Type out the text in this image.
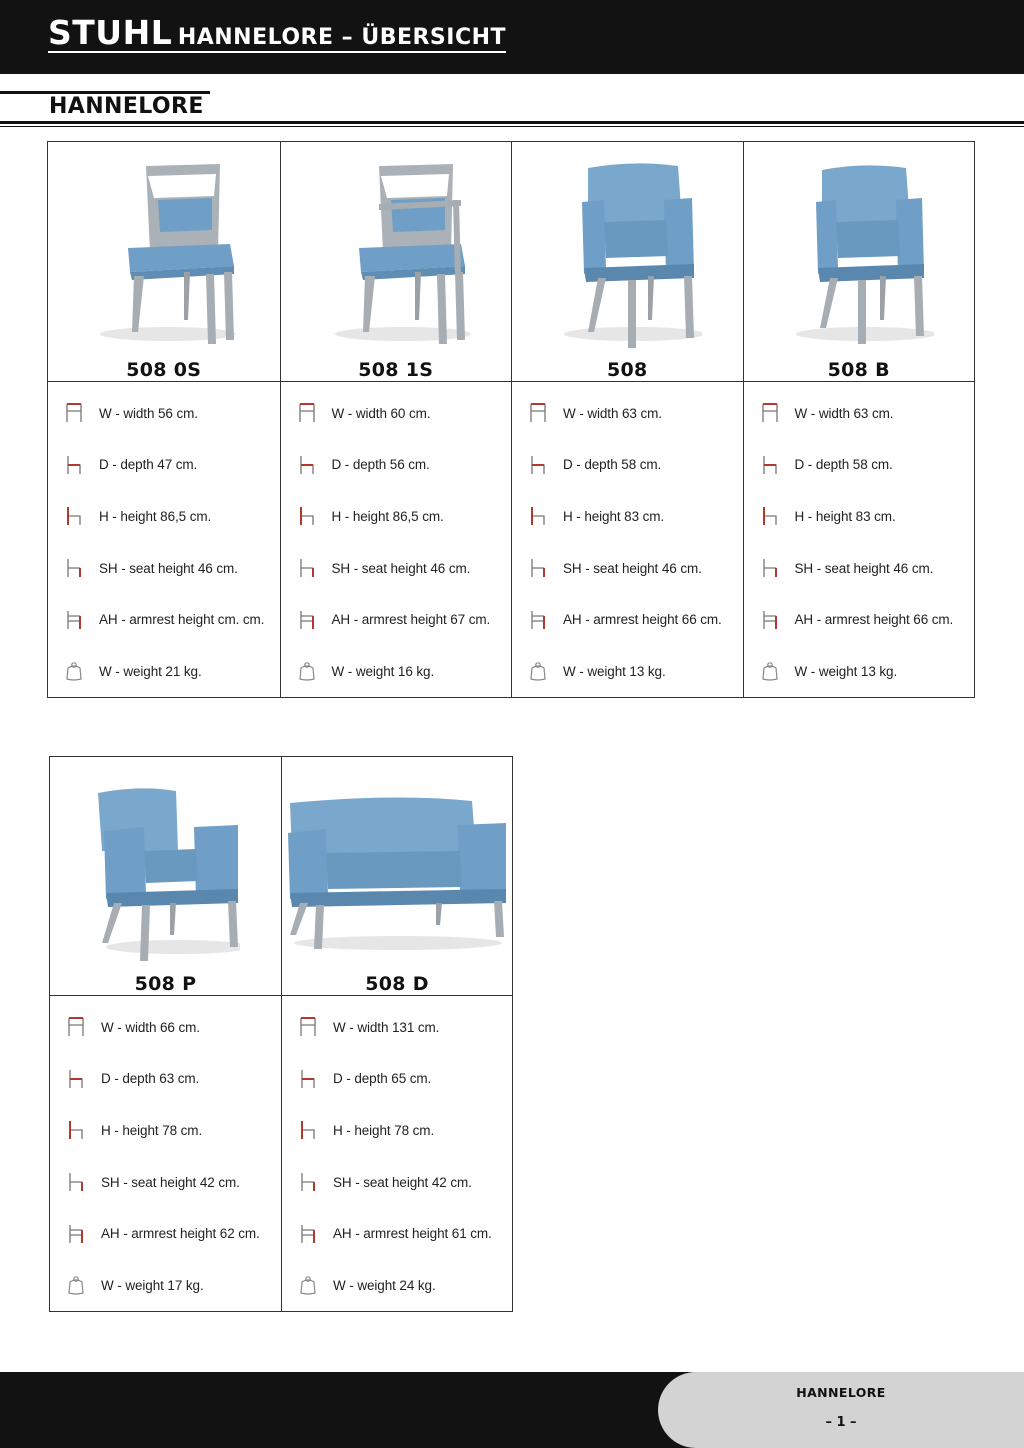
STUHL HANNELORE – ÜBERSICHT
HANNELORE
508 0S
W - width 56 cm.
D - depth 47 cm.
H - height 86,5 cm.
SH - seat height 46 cm.
AH - armrest height cm. cm.
W - weight 21 kg.
508 1S
W - width 60 cm.
D - depth 56 cm.
H - height 86,5 cm.
SH - seat height 46 cm.
AH - armrest height 67 cm.
W - weight 16 kg.
508
W - width 63 cm.
D - depth 58 cm.
H - height 83 cm.
SH - seat height 46 cm.
AH - armrest height 66 cm.
W - weight 13 kg.
508 B
W - width 63 cm.
D - depth 58 cm.
H - height 83 cm.
SH - seat height 46 cm.
AH - armrest height 66 cm.
W - weight 13 kg.
508 P
W - width 66 cm.
D - depth 63 cm.
H - height 78 cm.
SH - seat height 42 cm.
AH - armrest height 62 cm.
W - weight 17 kg.
508 D
W - width 131 cm.
D - depth 65 cm.
H - height 78 cm.
SH - seat height 42 cm.
AH - armrest height 61 cm.
W - weight 24 kg.
HANNELORE
– 1 –
